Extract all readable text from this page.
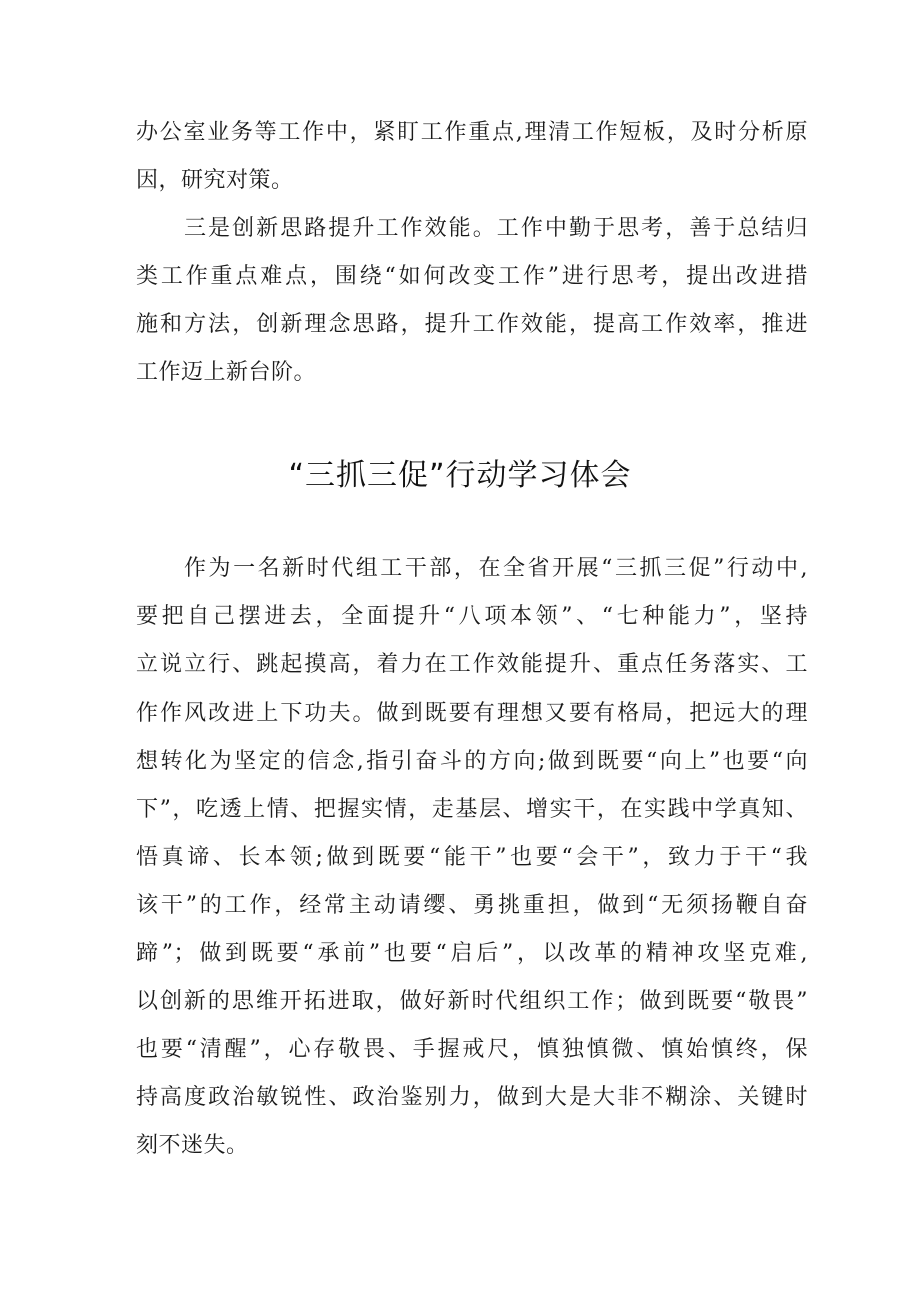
办公室业务等工作中，紧盯工作重点,理清工作短板，及时分析原
因，研究对策。
三是创新思路提升工作效能。工作中勤于思考，善于总结归
类工作重点难点，围绕“如何改变工作”进行思考，提出改进措
施和方法，创新理念思路，提升工作效能，提高工作效率，推进
工作迈上新台阶。
“三抓三促”行动学习体会
作为一名新时代组工干部，在全省开展“三抓三促”行动中,
要把自己摆进去，全面提升“八项本领”、“七种能力”，坚持
立说立行、跳起摸高，着力在工作效能提升、重点任务落实、工
作作风改进上下功夫。做到既要有理想又要有格局，把远大的理
想转化为坚定的信念,指引奋斗的方向;做到既要“向上”也要“向
下”，吃透上情、把握实情，走基层、增实干，在实践中学真知、
悟真谛、长本领;做到既要“能干”也要“会干”，致力于干“我
该干”的工作，经常主动请缨、勇挑重担，做到“无须扬鞭自奋
蹄”；做到既要“承前”也要“启后”，以改革的精神攻坚克难,
以创新的思维开拓进取，做好新时代组织工作；做到既要“敬畏”
也要“清醒”，心存敬畏、手握戒尺，慎独慎微、慎始慎终，保
持高度政治敏锐性、政治鉴别力，做到大是大非不糊涂、关键时
刻不迷失。
